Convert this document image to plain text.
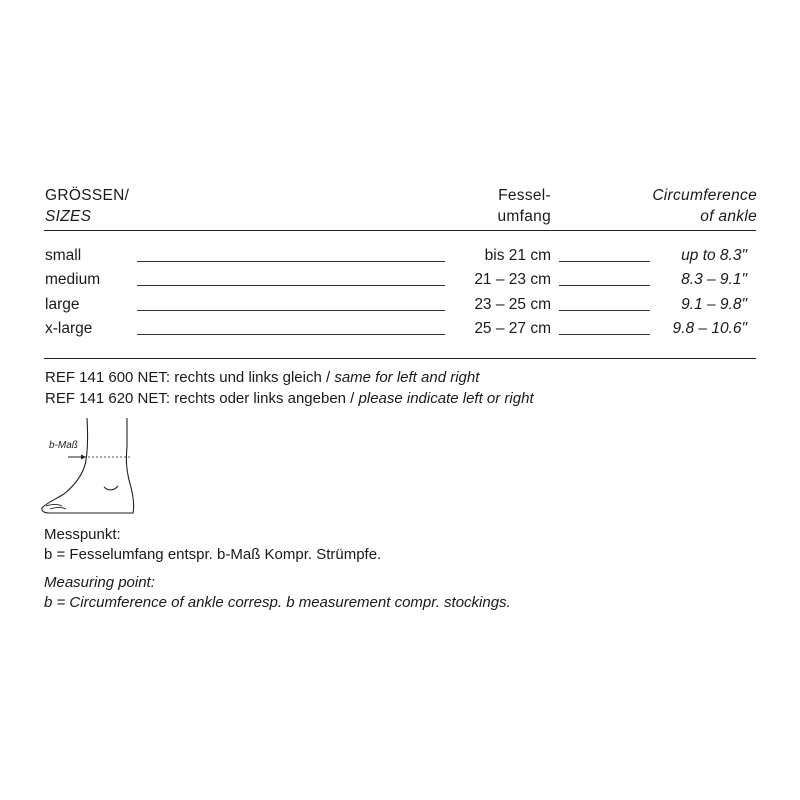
GRÖSSEN/
SIZES
Fessel-
umfang
Circumference
of ankle
small	bis 21 cm	up to 8.3"
medium	21 – 23 cm	8.3 – 9.1"
large	23 – 25 cm	9.1 – 9.8"
x-large	25 – 27 cm	9.8 – 10.6"
REF 141 600 NET: rechts und links gleich / same for left and right
REF 141 620 NET: rechts oder links angeben / please indicate left or right
b-Maß
Messpunkt:
b = Fesselumfang entspr. b-Maß Kompr. Strümpfe.
Measuring point:
b = Circumference of ankle corresp. b measurement compr. stockings.
